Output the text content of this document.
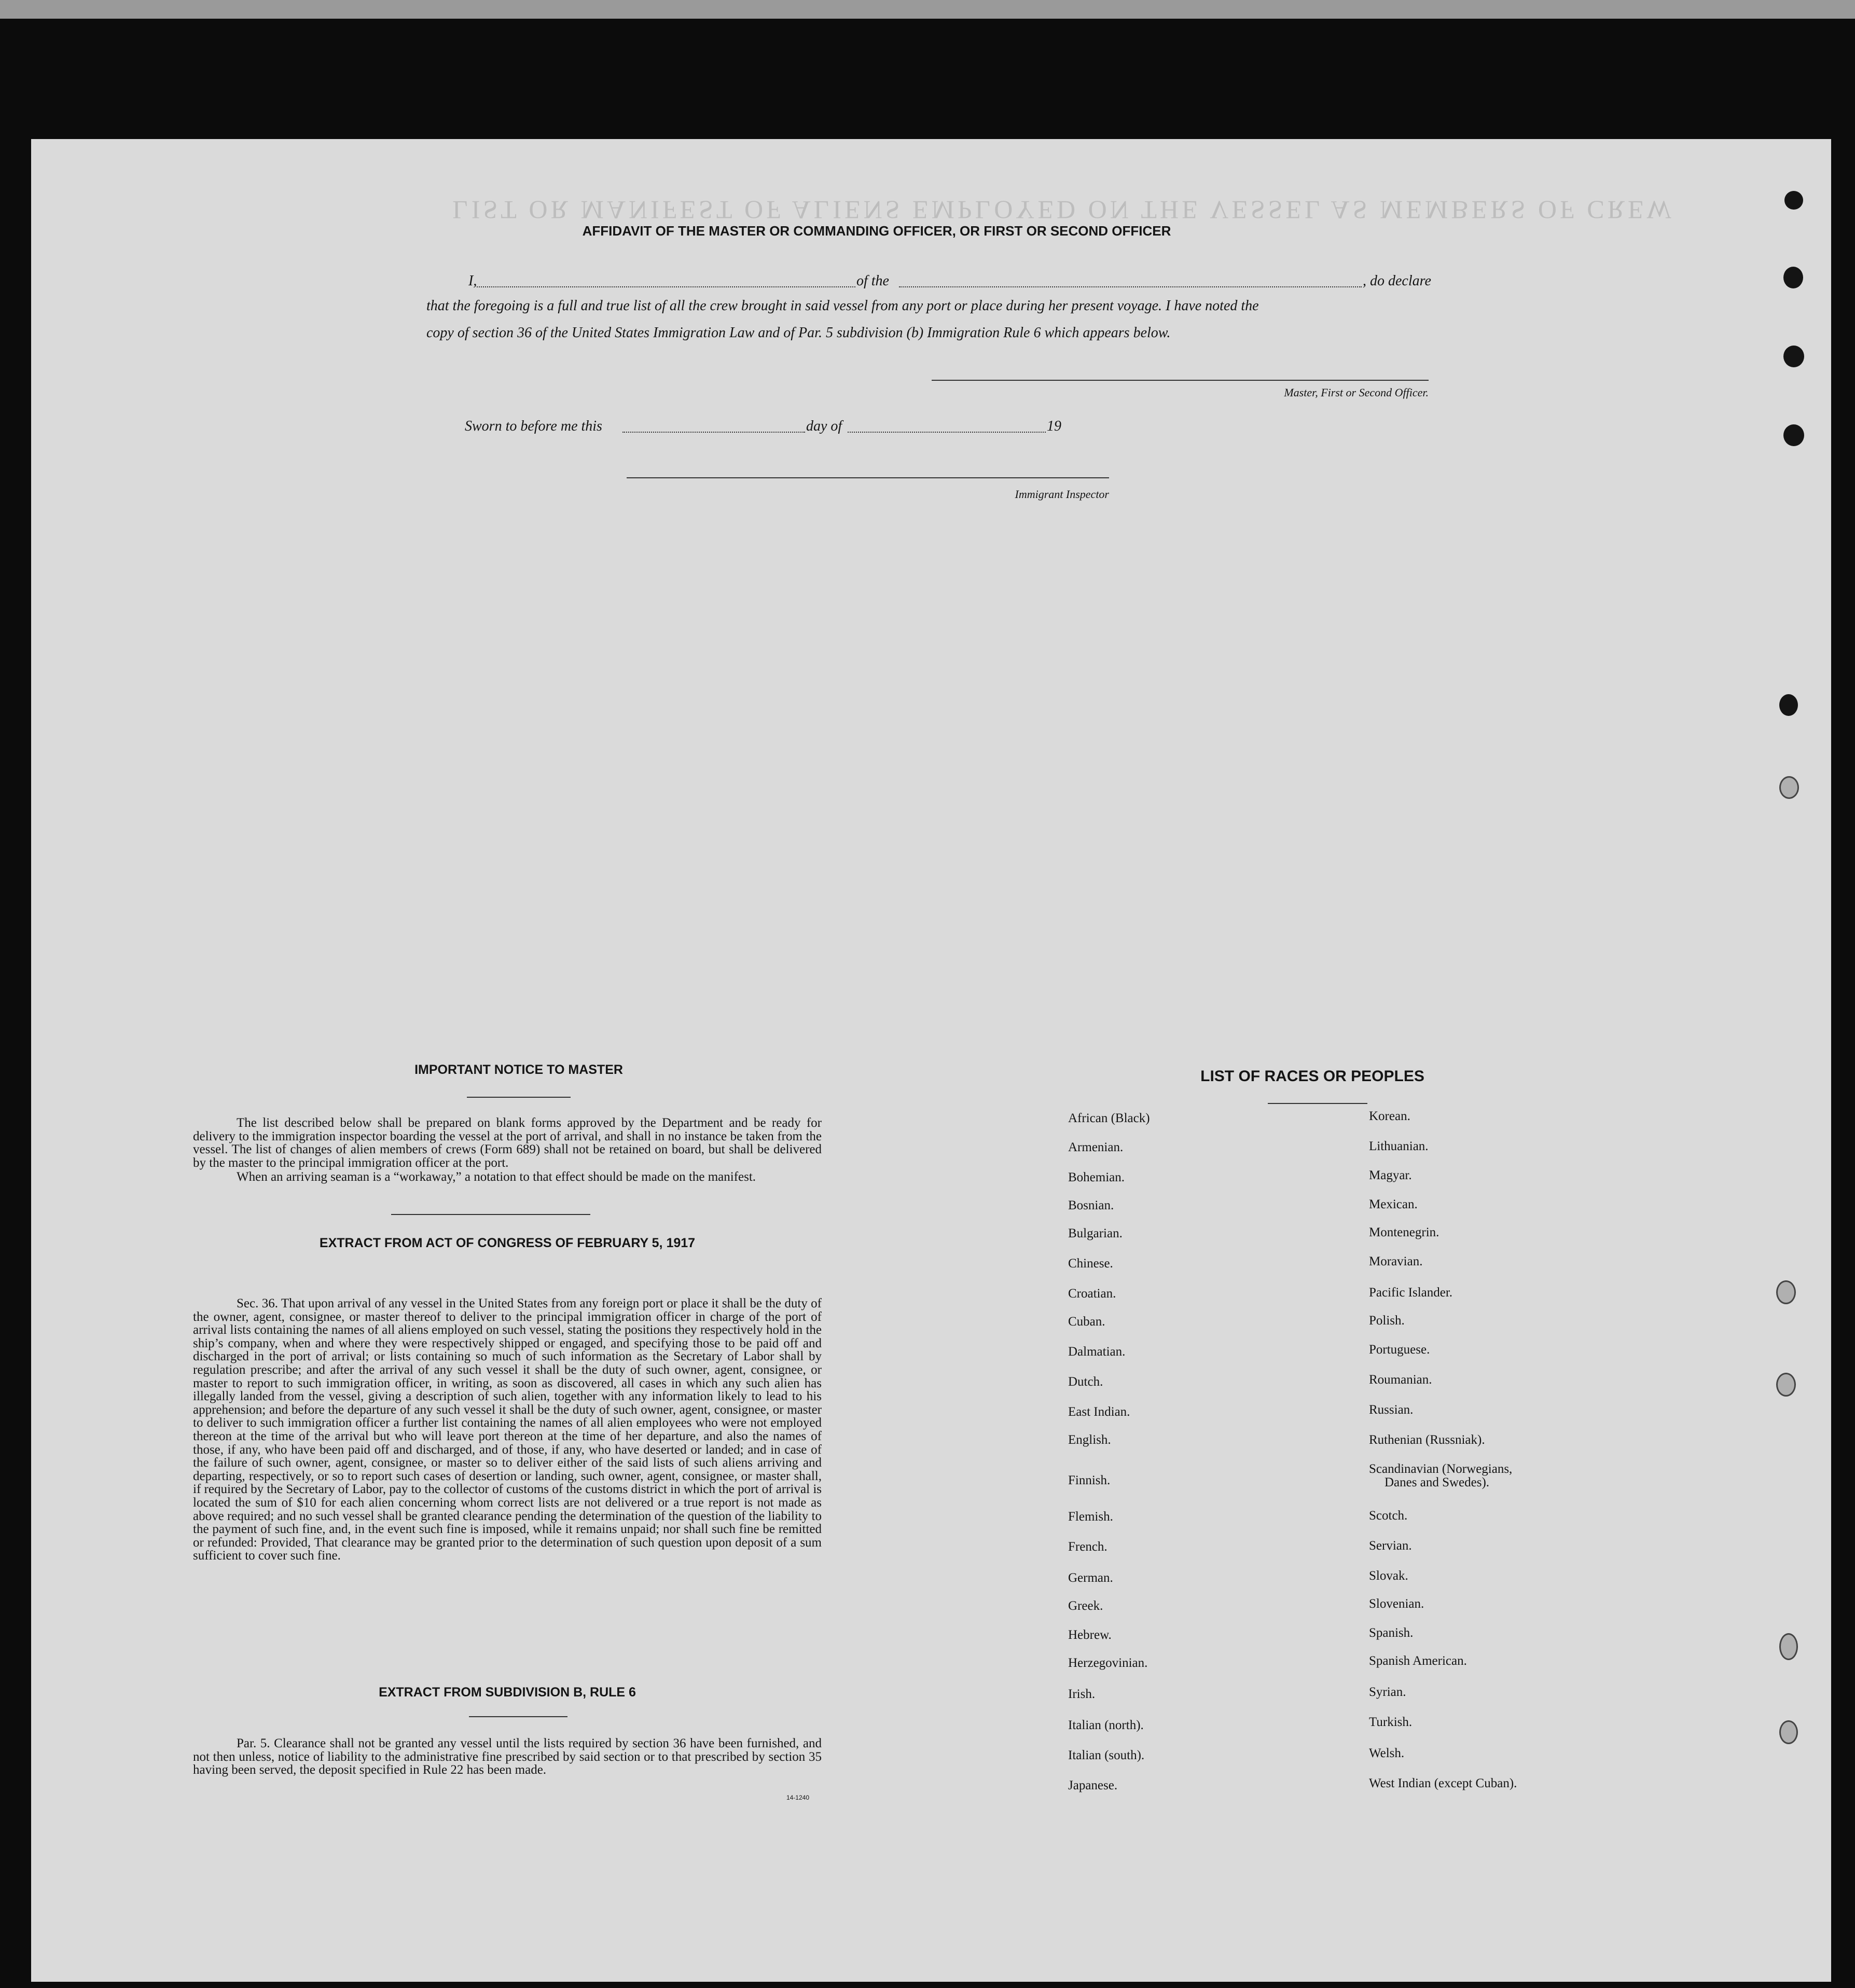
LIST OR MANIFEST OF ALIENS EMPLOYED ON THE VESSEL AS MEMBERS OF CREW
AFFIDAVIT OF THE MASTER OR COMMANDING OFFICER, OR FIRST OR SECOND OFFICER
I,	of the	, do declare
that the foregoing is a full and true list of all the crew brought in said vessel from any port or place during her present voyage. I have noted the
copy of section 36 of the United States Immigration Law and of Par. 5 subdivision (b) Immigration Rule 6 which appears below.
Master, First or Second Officer.
Sworn to before me this	day of	19
Immigrant Inspector
IMPORTANT NOTICE TO MASTER
The list described below shall be prepared on blank forms approved by the Department and be ready for delivery to the immigration inspector boarding the vessel at the port of arrival, and shall in no instance be taken from the vessel. The list of changes of alien members of crews (Form 689) shall not be retained on board, but shall be delivered by the master to the principal immigration officer at the port.
When an arriving seaman is a “workaway,” a notation to that effect should be made on the manifest.
EXTRACT FROM ACT OF CONGRESS OF FEBRUARY 5, 1917
Sec. 36. That upon arrival of any vessel in the United States from any foreign port or place it shall be the duty of the owner, agent, consignee, or master thereof to deliver to the principal immigration officer in charge of the port of arrival lists containing the names of all aliens employed on such vessel, stating the positions they respectively hold in the ship’s company, when and where they were respectively shipped or engaged, and specifying those to be paid off and discharged in the port of arrival; or lists containing so much of such information as the Secretary of Labor shall by regulation prescribe; and after the arrival of any such vessel it shall be the duty of such owner, agent, consignee, or master to report to such immigration officer, in writing, as soon as discovered, all cases in which any such alien has illegally landed from the vessel, giving a description of such alien, together with any information likely to lead to his apprehension; and before the departure of any such vessel it shall be the duty of such owner, agent, consignee, or master to deliver to such immigration officer a further list containing the names of all alien employees who were not employed thereon at the time of the arrival but who will leave port thereon at the time of her departure, and also the names of those, if any, who have been paid off and discharged, and of those, if any, who have deserted or landed; and in case of the failure of such owner, agent, consignee, or master so to deliver either of the said lists of such aliens arriving and departing, respectively, or so to report such cases of desertion or landing, such owner, agent, consignee, or master shall, if required by the Secretary of Labor, pay to the collector of customs of the customs district in which the port of arrival is located the sum of $10 for each alien concerning whom correct lists are not delivered or a true report is not made as above required; and no such vessel shall be granted clearance pending the determination of the question of the liability to the payment of such fine, and, in the event such fine is imposed, while it remains unpaid; nor shall such fine be remitted or refunded: Provided, That clearance may be granted prior to the determination of such question upon deposit of a sum sufficient to cover such fine.
EXTRACT FROM SUBDIVISION B, RULE 6
Par. 5. Clearance shall not be granted any vessel until the lists required by section 36 have been furnished, and not then unless, notice of liability to the administrative fine prescribed by said section or to that prescribed by section 35 having been served, the deposit specified in Rule 22 has been made.
14-1240
LIST OF RACES OR PEOPLES
African (Black)
Armenian.
Bohemian.
Bosnian.
Bulgarian.
Chinese.
Croatian.
Cuban.
Dalmatian.
Dutch.
East Indian.
English.
Finnish.
Flemish.
French.
German.
Greek.
Hebrew.
Herzegovinian.
Irish.
Italian (north).
Italian (south).
Japanese.
Korean.
Lithuanian.
Magyar.
Mexican.
Montenegrin.
Moravian.
Pacific Islander.
Polish.
Portuguese.
Roumanian.
Russian.
Ruthenian (Russniak).
Scandinavian (Norwegians,
Danes and Swedes).
Scotch.
Servian.
Slovak.
Slovenian.
Spanish.
Spanish American.
Syrian.
Turkish.
Welsh.
West Indian (except Cuban).
